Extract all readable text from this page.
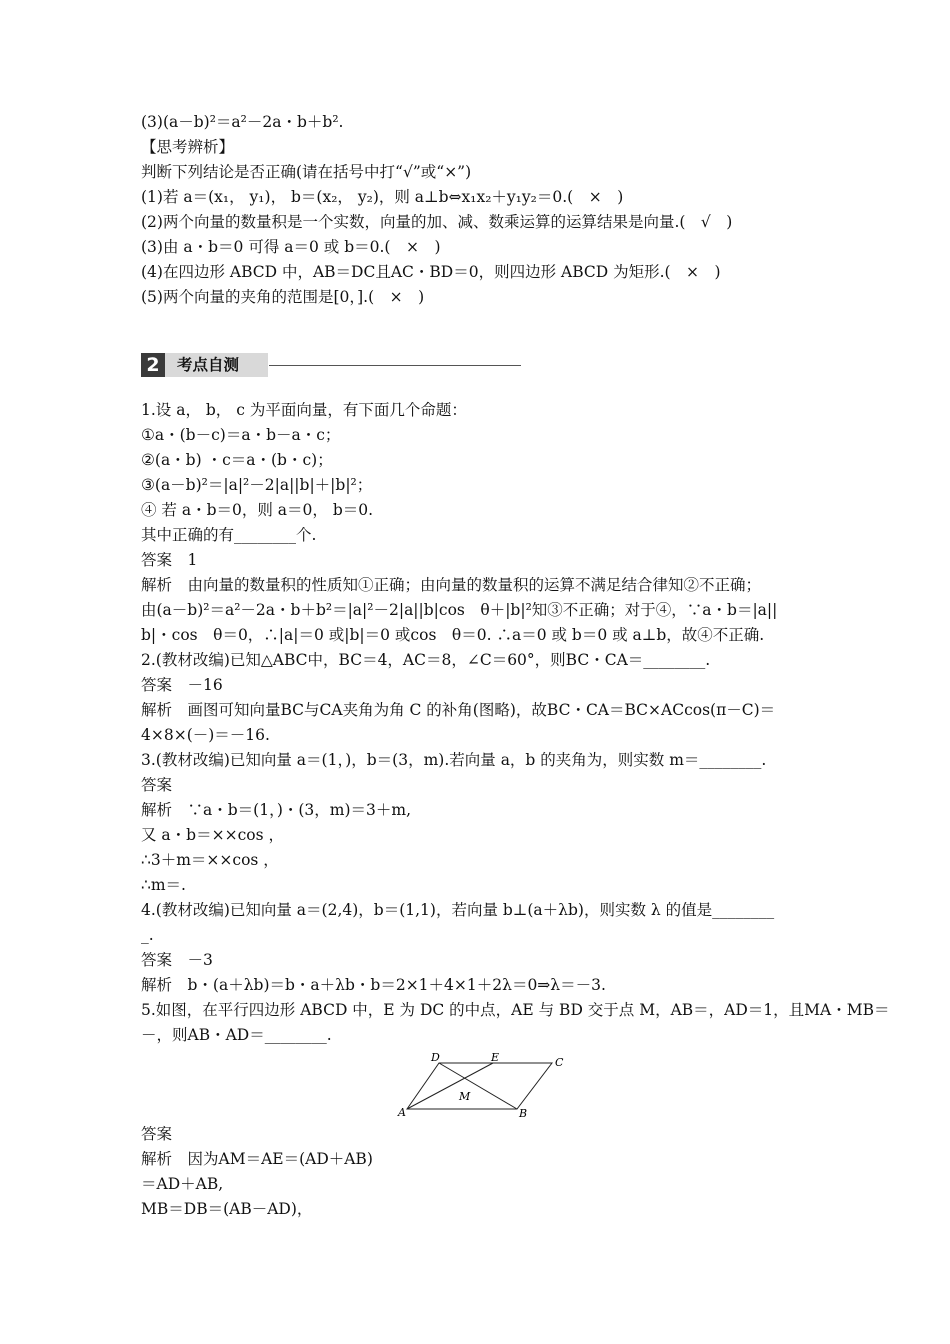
(3)(a－b)²＝a²－2a・b＋b².
【思考辨析】
判断下列结论是否正确(请在括号中打“√”或“×”)
(1)若 a＝(x₁， y₁)， b＝(x₂， y₂)，则 a⊥b⇔x₁x₂＋y₁y₂＝0.(　×　)
(2)两个向量的数量积是一个实数，向量的加、减、数乘运算的运算结果是向量.(　√　)
(3)由 a・b＝0 可得 a＝0 或 b＝0.(　×　)
(4)在四边形 ABCD 中，AB＝DC且AC・BD＝0，则四边形 ABCD 为矩形.(　×　)
(5)两个向量的夹角的范围是[0，].(　×　)
2	考点自测
1.设 a， b， c 为平面向量，有下面几个命题：
①a・(b－c)＝a・b－a・c；
②(a・b) ・c＝a・(b・c)；
③(a－b)²＝|a|²－2|a||b|＋|b|²；
④ 若 a・b＝0，则 a＝0， b＝0.
其中正确的有________个.
答案　1
解析　由向量的数量积的性质知①正确；由向量的数量积的运算不满足结合律知②不正确；
由(a－b)²＝a²－2a・b＋b²＝|a|²－2|a||b|cos　θ＋|b|²知③不正确；对于④，∵a・b＝|a||
b|・cos　θ＝0，∴|a|＝0 或|b|＝0 或cos　θ＝0. ∴a＝0 或 b＝0 或 a⊥b，故④不正确.
2.(教材改编)已知△ABC中，BC＝4，AC＝8，∠C＝60°，则BC・CA＝________.
答案　－16
解析　画图可知向量BC与CA夹角为角 C 的补角(图略)，故BC・CA＝BC×ACcos(π－C)＝
4×8×(－)＝－16.
3.(教材改编)已知向量 a＝(1，)，b＝(3，m).若向量 a，b 的夹角为，则实数 m＝________.
答案
解析　∵a・b＝(1，)・(3，m)＝3＋m,
又 a・b＝××cos ，
∴3＋m＝××cos ，
∴m＝.
4.(教材改编)已知向量 a＝(2,4)，b＝(1,1)，若向量 b⊥(a＋λb)，则实数 λ 的值是________
_.
答案　－3
解析　b・(a＋λb)＝b・a＋λb・b＝2×1＋4×1＋2λ＝0⇒λ＝－3.
5.如图，在平行四边形 ABCD 中，E 为 DC 的中点，AE 与 BD 交于点 M，AB＝，AD＝1，且MA・MB＝
－，则AB・AD＝________.
A	B
C
D	E
M
答案
解析　因为AM＝AE＝(AD＋AB)
＝AD＋AB,
MB＝DB＝(AB－AD)，
